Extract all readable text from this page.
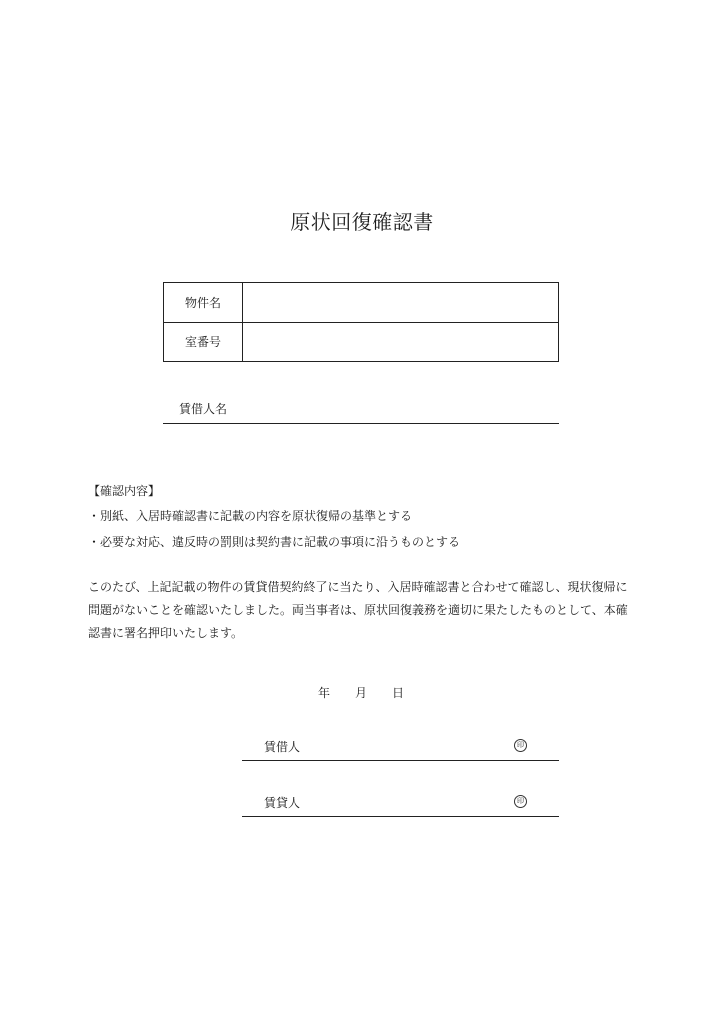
原状回復確認書
物件名	
室番号	
賃借人名
【確認内容】
・別紙、入居時確認書に記載の内容を原状復帰の基準とする
・必要な対応、違反時の罰則は契約書に記載の事項に沿うものとする
このたび、上記記載の物件の賃貸借契約終了に当たり、入居時確認書と合わせて確認し、現状復帰に
問題がないことを確認いたしました。両当事者は、原状回復義務を適切に果たしたものとして、本確
認書に署名押印いたします。
年 月 日
賃借人	印
賃貸人	印
